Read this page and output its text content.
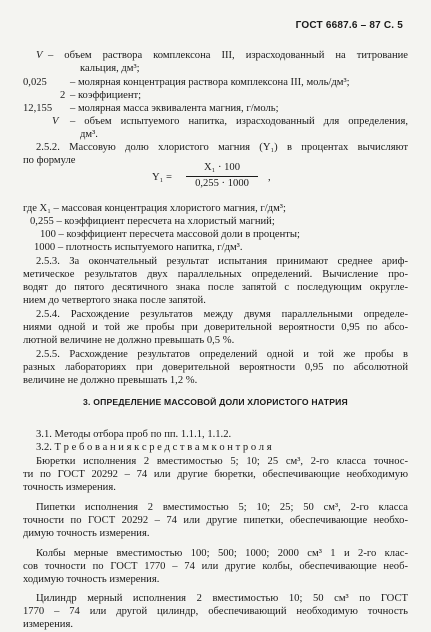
ГОСТ 6687.6 – 87 С. 5
V – объем раствора комплексона III, израсходованный на титрование
кальция, дм³;
0,025 – молярная концентрация раствора комплексона III, моль/дм³;
2 – коэффициент;
12,155 – молярная масса эквивалента магния, г/моль;
V – объем испытуемого напитка, израсходованный для определения,
дм³.
2.5.2. Массовую долю хлористого магния (Y₁) в процентах вычисляют
по формуле
Y₁ =
X₁ · 100
0,255 · 1000
,
где X₁ – массовая концентрация хлористого магния, г/дм³;
0,255 – коэффициент пересчета на хлористый магний;
100 – коэффициент пересчета массовой доли в проценты;
1000 – плотность испытуемого напитка, г/дм³.
2.5.3. За окончательный результат испытания принимают среднее ариф-
метическое результатов двух параллельных определений. Вычисление про-
водят до пятого десятичного знака после запятой с последующим округле-
нием до четвертого знака после запятой.
2.5.4. Расхождение результатов между двумя параллельными определе-
ниями одной и той же пробы при доверительной вероятности 0,95 по абсо-
лютной величине не должно превышать 0,5 %.
2.5.5. Расхождение результатов определений одной и той же пробы в
разных лабораториях при доверительной вероятности 0,95 по абсолютной
величине не должно превышать 1,2 %.
3. ОПРЕДЕЛЕНИЕ МАССОВОЙ ДОЛИ ХЛОРИСТОГО НАТРИЯ
3.1. Методы отбора проб по пп. 1.1.1, 1.1.2.
3.2. Т р е б о в а н и я к с р е д с т в а м к о н т р о л я
Бюретки исполнения 2 вместимостью 5; 10; 25 см³, 2-го класса точнос-
ти по ГОСТ 20292 – 74 или другие бюретки, обеспечивающие необходимую
точность измерения.
Пипетки исполнения 2 вместимостью 5; 10; 25; 50 см³, 2-го класса
точности по ГОСТ 20292 – 74 или другие пипетки, обеспечивающие необхо-
димую точность измерения.
Колбы мерные вместимостью 100; 500; 1000; 2000 см³ 1 и 2-го клас-
сов точности по ГОСТ 1770 – 74 или другие колбы, обеспечивающие необ-
ходимую точность измерения.
Цилиндр мерный исполнения 2 вместимостью 10; 50 см³ по ГОСТ
1770 – 74 или другой цилиндр, обеспечивающий необходимую точность
измерения.
